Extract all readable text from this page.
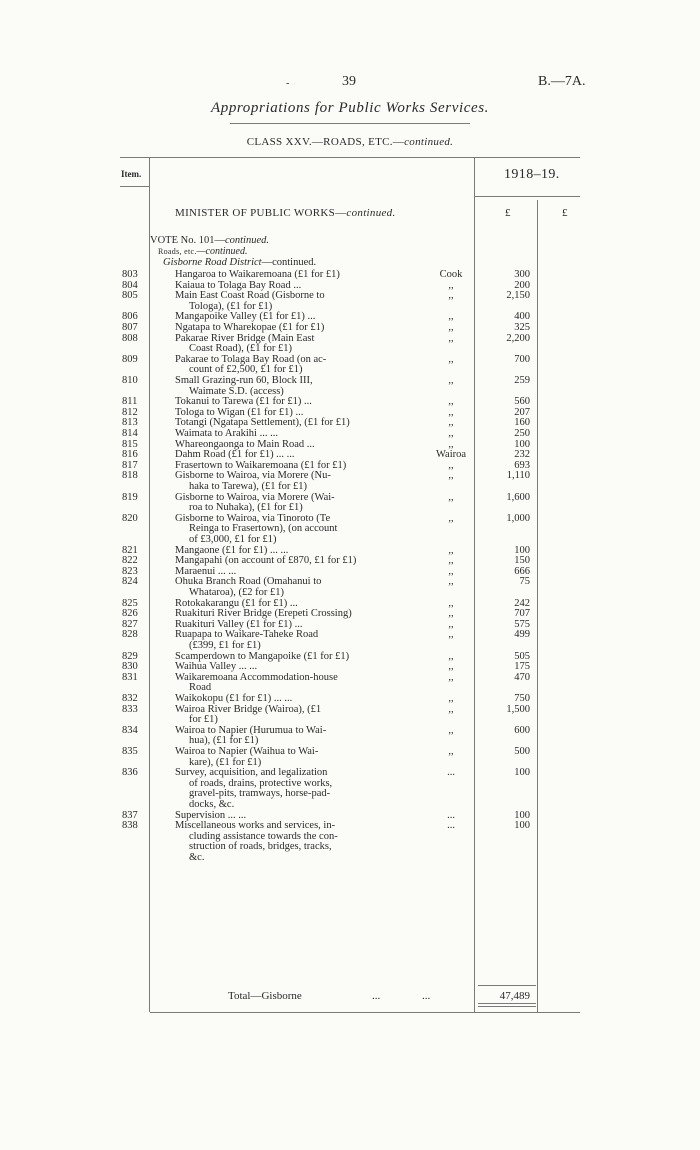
-	39	B.—7A.
Appropriations for Public Works Services.
CLASS XXV.—ROADS, ETC.—continued.
Item.	1918–19.
MINISTER OF PUBLIC WORKS—continued.	£	£
VOTE No. 101—continued.
Roads, etc.—continued.
Gisborne Road District—continued.
803	Hangaroa to Waikaremoana (£1 for £1)	Cook	300
804	Kaiaua to Tolaga Bay Road ...	,,	200
805	Main East Coast Road (Gisborne to
Tologa), (£1 for £1)
,,	2,150
806	Mangapoike Valley (£1 for £1) ...	,,	400
807	Ngatapa to Wharekopae (£1 for £1)	,,	325
808	Pakarae River Bridge (Main East
Coast Road), (£1 for £1)
,,	2,200
809	Pakarae to Tolaga Bay Road (on ac-
count of £2,500, £1 for £1)
,,	700
810	Small Grazing-run 60, Block III,
Waimate S.D. (access)
,,	259
811	Tokanui to Tarewa (£1 for £1) ...	,,	560
812	Tologa to Wigan (£1 for £1) ...	,,	207
813	Totangi (Ngatapa Settlement), (£1 for £1)	,,	160
814	Waimata to Arakihi ... ...	,,	250
815	Whareongaonga to Main Road ...	,,	100
816	Dahm Road (£1 for £1) ... ...	Wairoa	232
817	Frasertown to Waikaremoana (£1 for £1)	,,	693
818	Gisborne to Wairoa, via Morere (Nu-
haka to Tarewa), (£1 for £1)
,,	1,110
819	Gisborne to Wairoa, via Morere (Wai-
roa to Nuhaka), (£1 for £1)
,,	1,600
820	Gisborne to Wairoa, via Tinoroto (Te
Reinga to Frasertown), (on account
of £3,000, £1 for £1)
,,	1,000
821	Mangaone (£1 for £1) ... ...	,,	100
822	Mangapahi (on account of £870, £1 for £1)	,,	150
823	Maraenui ... ...	,,	666
824	Ohuka Branch Road (Omahanui to
Whataroa), (£2 for £1)
,,	75
825	Rotokakarangu (£1 for £1) ...	,,	242
826	Ruakituri River Bridge (Erepeti Crossing)	,,	707
827	Ruakituri Valley (£1 for £1) ...	,,	575
828	Ruapapa to Waikare-Taheke Road
(£399, £1 for £1)
,,	499
829	Scamperdown to Mangapoike (£1 for £1)	,,	505
830	Waihua Valley ... ...	,,	175
831	Waikaremoana Accommodation-house
Road
,,	470
832	Waikokopu (£1 for £1) ... ...	,,	750
833	Wairoa River Bridge (Wairoa), (£1
for £1)
,,	1,500
834	Wairoa to Napier (Hurumua to Wai-
hua), (£1 for £1)
,,	600
835	Wairoa to Napier (Waihua to Wai-
kare), (£1 for £1)
,,	500
836	Survey, acquisition, and legalization
of roads, drains, protective works,
gravel-pits, tramways, horse-pad-
docks, &c.
...	100
837	Supervision ... ...	...	100
838	Miscellaneous works and services, in-
cluding assistance towards the con-
struction of roads, bridges, tracks,
&c.
...	100
Total—Gisborne	...	...	47,489
